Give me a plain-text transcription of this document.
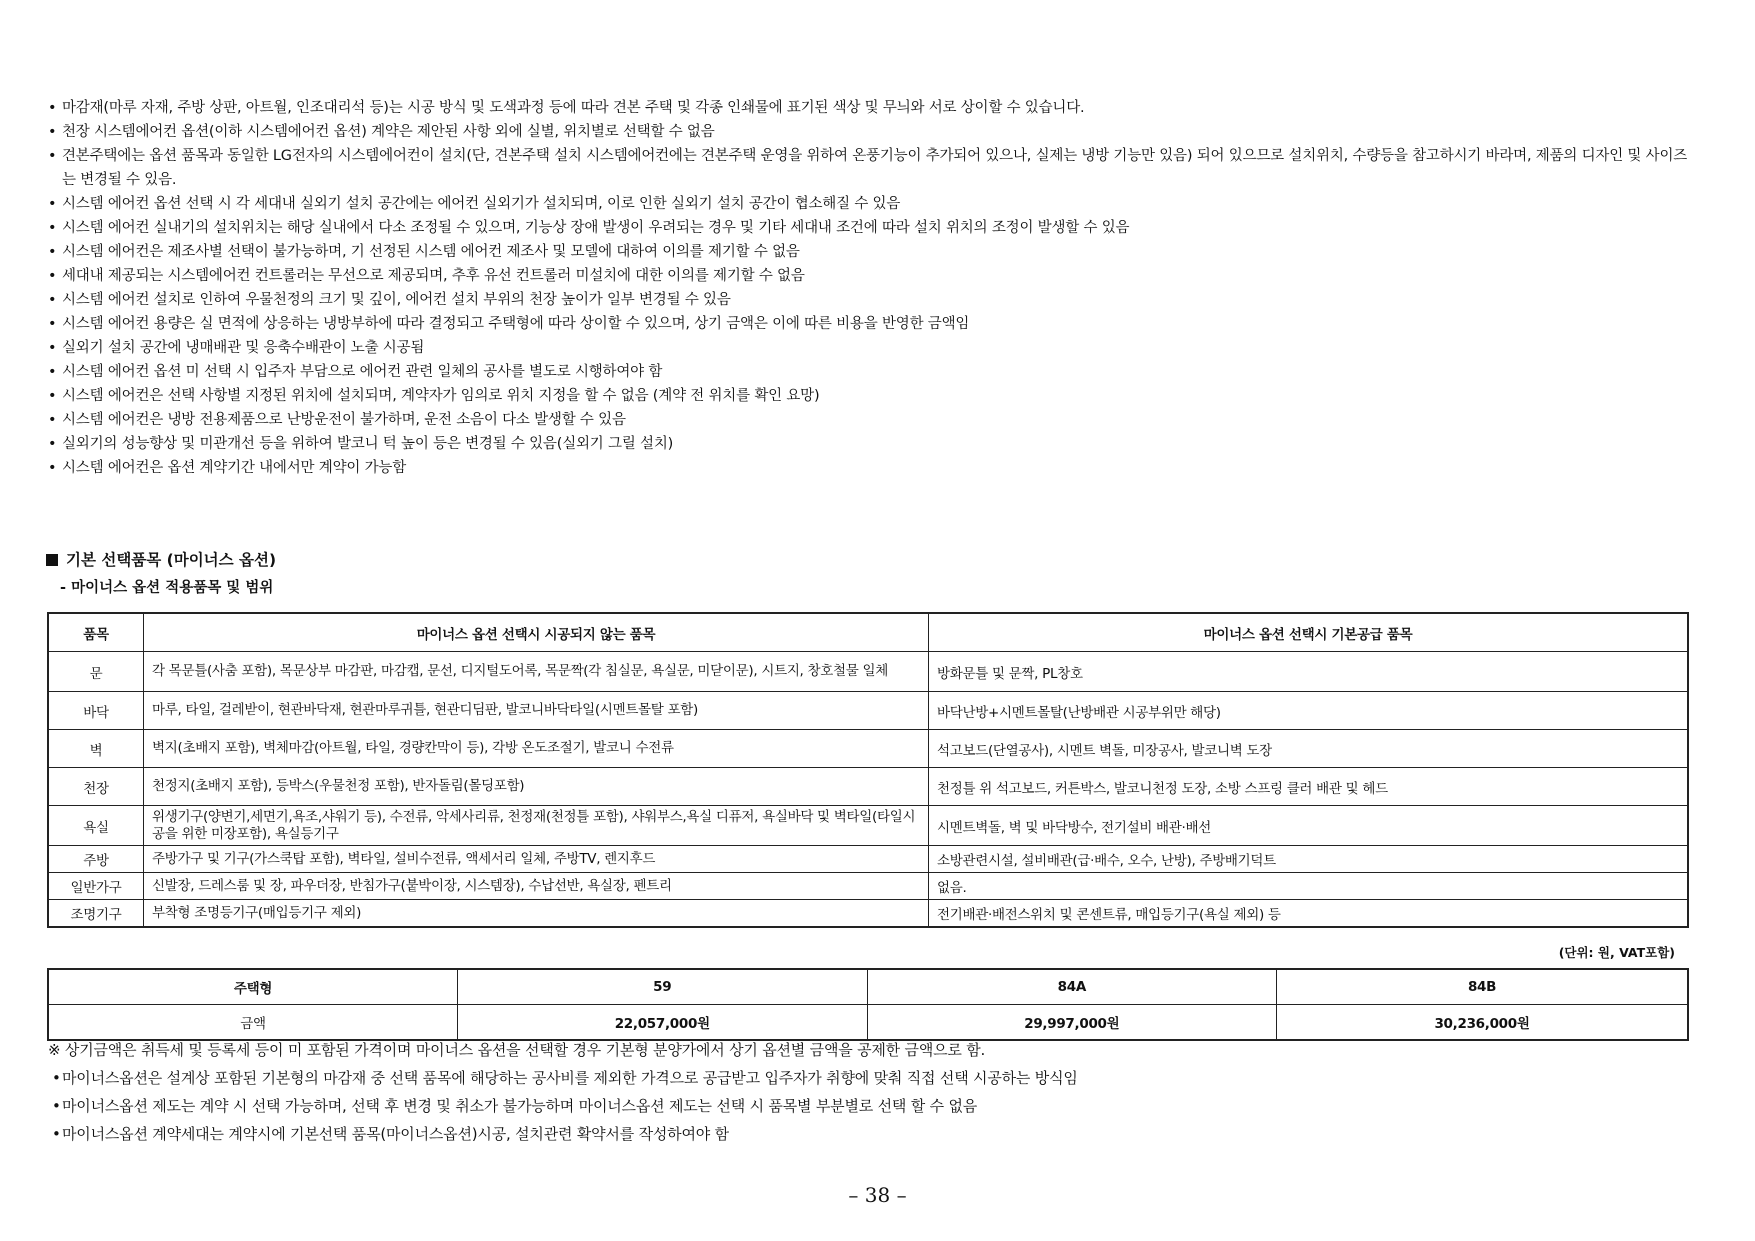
• 마감재(마루 자재, 주방 상판, 아트월, 인조대리석 등)는 시공 방식 및 도색과정 등에 따라 견본 주택 및 각종 인쇄물에 표기된 색상 및 무늬와 서로 상이할 수 있습니다.
• 천장 시스템에어컨 옵션(이하 시스템에어컨 옵션) 계약은 제안된 사항 외에 실별, 위치별로 선택할 수 없음
• 견본주택에는 옵션 품목과 동일한 LG전자의 시스템에어컨이 설치(단, 견본주택 설치 시스템에어컨에는 견본주택 운영을 위하여 온풍기능이 추가되어 있으나, 실제는 냉방 기능만 있음) 되어 있으므로 설치위치, 수량등을 참고하시기 바라며, 제품의 디자인 및 사이즈는 변경될 수 있음.
• 시스템 에어컨 옵션 선택 시 각 세대내 실외기 설치 공간에는 에어컨 실외기가 설치되며, 이로 인한 실외기 설치 공간이 협소해질 수 있음
• 시스템 에어컨 실내기의 설치위치는 해당 실내에서 다소 조정될 수 있으며, 기능상 장애 발생이 우려되는 경우 및 기타 세대내 조건에 따라 설치 위치의 조정이 발생할 수 있음
• 시스템 에어컨은 제조사별 선택이 불가능하며, 기 선정된 시스템 에어컨 제조사 및 모델에 대하여 이의를 제기할 수 없음
• 세대내 제공되는 시스템에어컨 컨트롤러는 무선으로 제공되며, 추후 유선 컨트롤러 미설치에 대한 이의를 제기할 수 없음
• 시스템 에어컨 설치로 인하여 우물천정의 크기 및 깊이, 에어컨 설치 부위의 천장 높이가 일부 변경될 수 있음
• 시스템 에어컨 용량은 실 면적에 상응하는 냉방부하에 따라 결정되고 주택형에 따라 상이할 수 있으며, 상기 금액은 이에 따른 비용을 반영한 금액임
• 실외기 설치 공간에 냉매배관 및 응축수배관이 노출 시공됨
• 시스템 에어컨 옵션 미 선택 시 입주자 부담으로 에어컨 관련 일체의 공사를 별도로 시행하여야 함
• 시스템 에어컨은 선택 사항별 지정된 위치에 설치되며, 계약자가 임의로 위치 지정을 할 수 없음 (계약 전 위치를 확인 요망)
• 시스템 에어컨은 냉방 전용제품으로 난방운전이 불가하며, 운전 소음이 다소 발생할 수 있음
• 실외기의 성능향상 및 미관개선 등을 위하여 발코니 턱 높이 등은 변경될 수 있음(실외기 그릴 설치)
• 시스템 에어컨은 옵션 계약기간 내에서만 계약이 가능함
기본 선택품목 (마이너스 옵션)
- 마이너스 옵션 적용품목 및 범위
품목	마이너스 옵션 선택시 시공되지 않는 품목	마이너스 옵션 선택시 기본공급 품목
문	각 목문틀(사춤 포함), 목문상부 마감판, 마감캡, 문선, 디지털도어록, 목문짝(각 침실문, 욕실문, 미닫이문), 시트지, 창호철물 일체	방화문틀 및 문짝, PL창호
바닥	마루, 타일, 걸레받이, 현관바닥재, 현관마루귀틀, 현관디딤판, 발코니바닥타일(시멘트몰탈 포함)	바닥난방+시멘트몰탈(난방배관 시공부위만 해당)
벽	벽지(초배지 포함), 벽체마감(아트월, 타일, 경량칸막이 등), 각방 온도조절기, 발코니 수전류	석고보드(단열공사), 시멘트 벽돌, 미장공사, 발코니벽 도장
천장	천정지(초배지 포함), 등박스(우물천정 포함), 반자돌림(몰딩포함)	천정틀 위 석고보드, 커튼박스, 발코니천정 도장, 소방 스프링 클러 배관 및 헤드
욕실	위생기구(양변기,세면기,욕조,샤워기 등), 수전류, 악세사리류, 천정재(천정틀 포함), 샤워부스,욕실 디퓨저, 욕실바닥 및 벽타일(타일시공을 위한 미장포함), 욕실등기구	시멘트벽돌, 벽 및 바닥방수, 전기설비 배관·배선
주방	주방가구 및 기구(가스쿡탑 포함), 벽타일, 설비수전류, 액세서리 일체, 주방TV, 렌지후드	소방관련시설, 설비배관(급·배수, 오수, 난방), 주방배기덕트
일반가구	신발장, 드레스룸 및 장, 파우더장, 반침가구(붙박이장, 시스템장), 수납선반, 욕실장, 펜트리	없음.
조명기구	부착형 조명등기구(매입등기구 제외)	전기배관·배전스위치 및 콘센트류, 매입등기구(욕실 제외) 등
(단위: 원, VAT포함)
주택형	59	84A	84B
금액	22,057,000원	29,997,000원	30,236,000원
※ 상기금액은 취득세 및 등록세 등이 미 포함된 가격이며 마이너스 옵션을 선택할 경우 기본형 분양가에서 상기 옵션별 금액을 공제한 금액으로 함.
• 마이너스옵션은 설계상 포함된 기본형의 마감재 중 선택 품목에 해당하는 공사비를 제외한 가격으로 공급받고 입주자가 취향에 맞춰 직접 선택 시공하는 방식임
• 마이너스옵션 제도는 계약 시 선택 가능하며, 선택 후 변경 및 취소가 불가능하며 마이너스옵션 제도는 선택 시 품목별 부분별로 선택 할 수 없음
• 마이너스옵션 계약세대는 계약시에 기본선택 품목(마이너스옵션)시공, 설치관련 확약서를 작성하여야 함
– 38 –
